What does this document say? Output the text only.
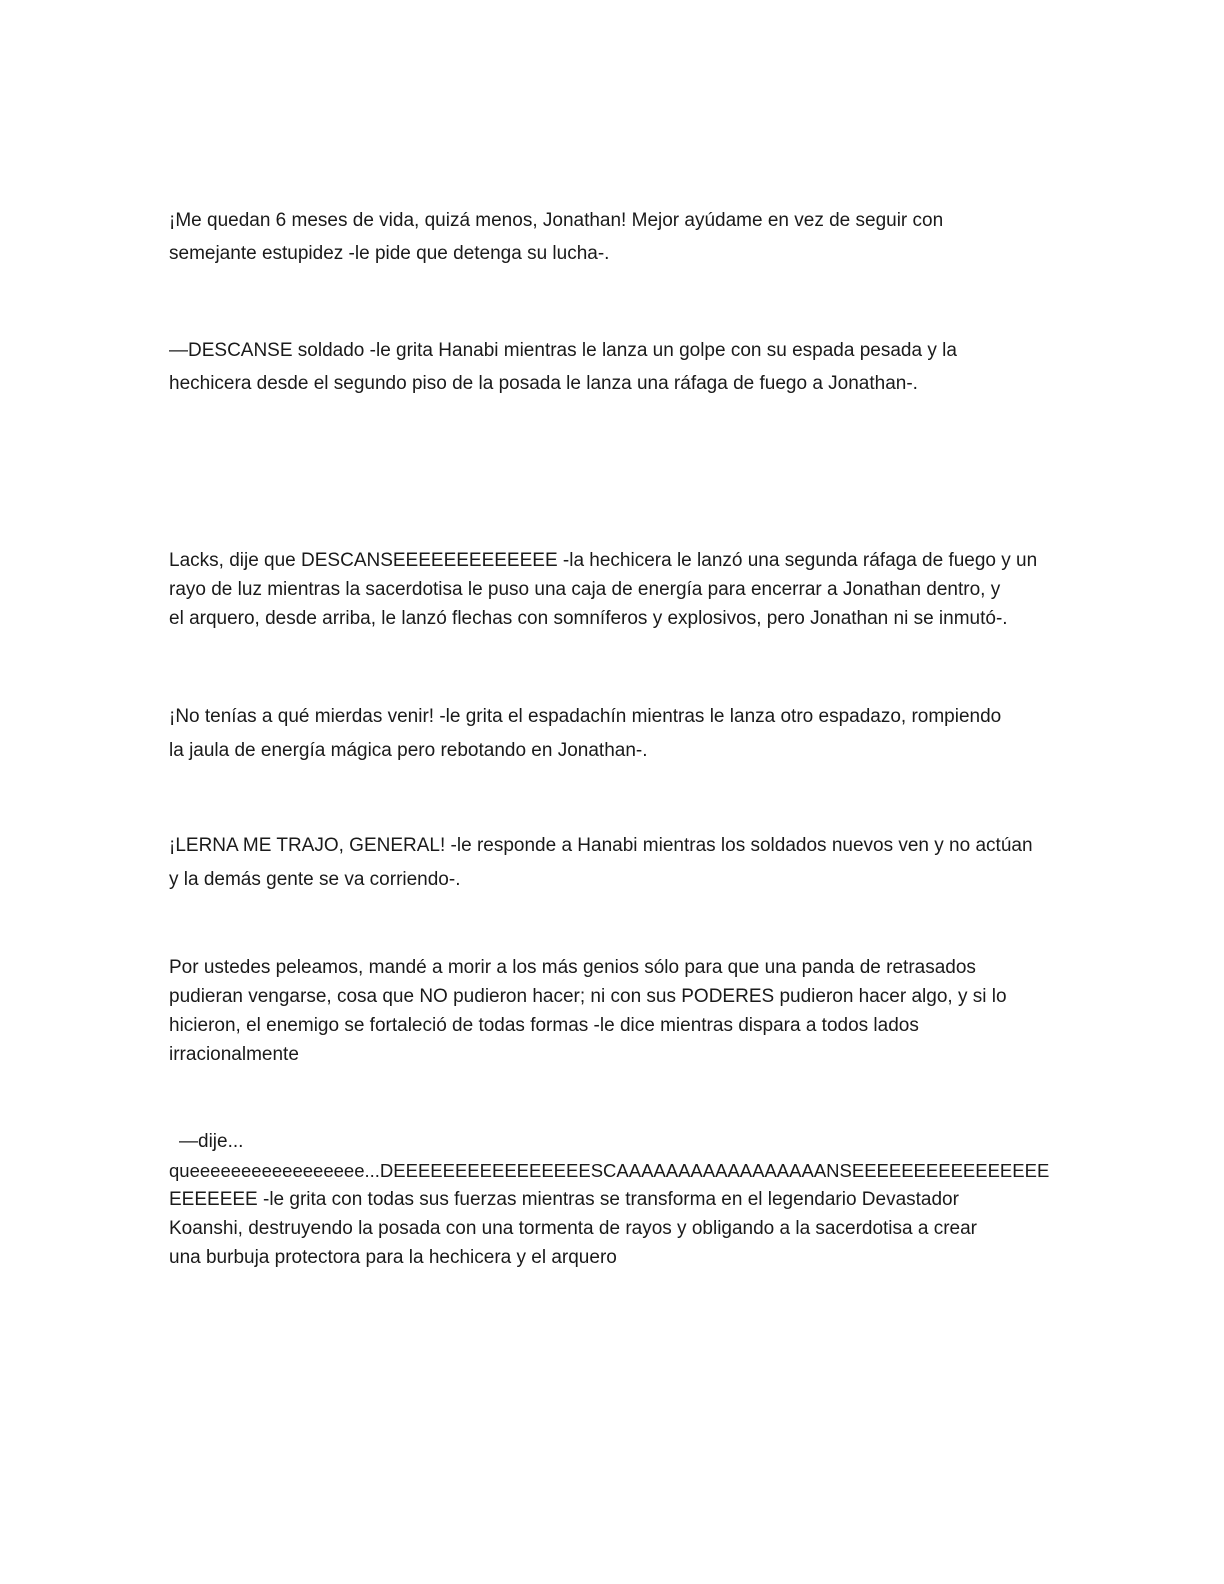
¡Me quedan 6 meses de vida, quizá menos, Jonathan! Mejor ayúdame en vez de seguir con
semejante estupidez -le pide que detenga su lucha-.

—DESCANSE soldado -le grita Hanabi mientras le lanza un golpe con su espada pesada y la
hechicera desde el segundo piso de la posada le lanza una ráfaga de fuego a Jonathan-.

Lacks, dije que DESCANSEEEEEEEEEEEEE -la hechicera le lanzó una segunda ráfaga de fuego y un
rayo de luz mientras la sacerdotisa le puso una caja de energía para encerrar a Jonathan dentro, y
el arquero, desde arriba, le lanzó flechas con somníferos y explosivos, pero Jonathan ni se inmutó-.

¡No tenías a qué mierdas venir! -le grita el espadachín mientras le lanza otro espadazo, rompiendo
la jaula de energía mágica pero rebotando en Jonathan-.

¡LERNA ME TRAJO, GENERAL! -le responde a Hanabi mientras los soldados nuevos ven y no actúan
y la demás gente se va corriendo-.

Por ustedes peleamos, mandé a morir a los más genios sólo para que una panda de retrasados
pudieran vengarse, cosa que NO pudieron hacer; ni con sus PODERES pudieron hacer algo, y si lo
hicieron, el enemigo se fortaleció de todas formas -le dice mientras dispara a todos lados
irracionalmente

—dije...
queeeeeeeeeeeeeeeee...DEEEEEEEEEEEEEEEESCAAAAAAAAAAAAAAAAANSEEEEEEEEEEEEEEEE
EEEEEEE -le grita con todas sus fuerzas mientras se transforma en el legendario Devastador
Koanshi, destruyendo la posada con una tormenta de rayos y obligando a la sacerdotisa a crear
una burbuja protectora para la hechicera y el arquero
